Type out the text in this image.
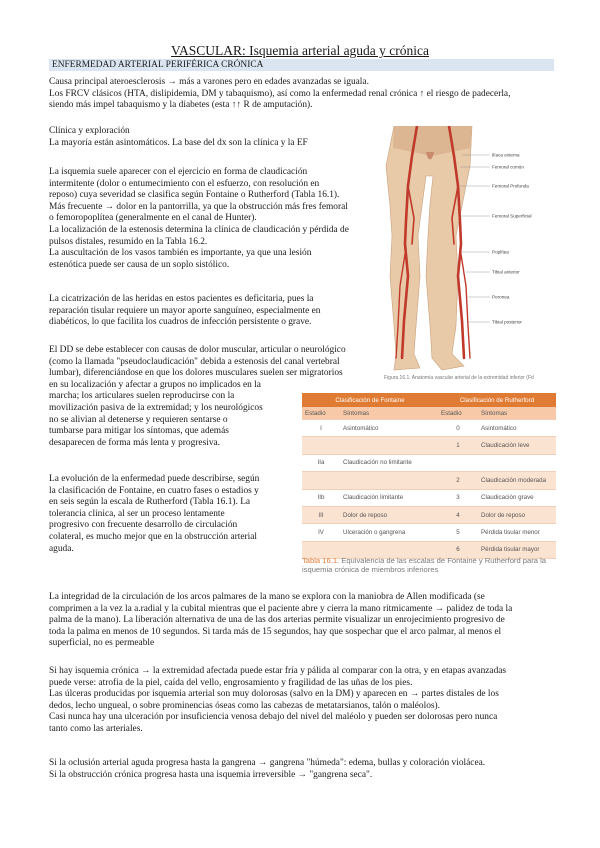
VASCULAR: Isquemia arterial aguda y crónica
ENFERMEDAD ARTERIAL PERIFÉRICA CRÓNICA
Causa principal ateroesclerosis → más a varones pero en edades avanzadas se iguala.
Los FRCV clásicos (HTA, dislipidemia, DM y tabaquismo), así como la enfermedad renal crónica ↑ el riesgo de padecerla,
siendo más impel tabaquismo y la diabetes (esta ↑↑ R de amputación).
Clínica y exploración
La mayoría están asintomáticos. La base del dx son la clínica y la EF
La isquemia suele aparecer con el ejercicio en forma de claudicación
intermitente (dolor o entumecimiento con el esfuerzo, con resolución en
reposo) cuya severidad se clasifica según Fontaine o Rutherford (Tabla 16.1).
Más frecuente → dolor en la pantorrilla, ya que la obstrucción más fres femoral
o femoropoplítea (generalmente en el canal de Hunter).
La localización de la estenosis determina la clínica de claudicación y pérdida de
pulsos distales, resumido en la Tabla 16.2.
La auscultación de los vasos también es importante, ya que una lesión
estenótica puede ser causa de un soplo sistólico.
La cicatrización de las heridas en estos pacientes es deficitaria, pues la
reparación tisular requiere un mayor aporte sanguíneo, especialmente en
diabéticos, lo que facilita los cuadros de infección persistente o grave.
El DD se debe establecer con causas de dolor muscular, articular o neurológico
(como la llamada "pseudoclaudicación" debida a estenosis del canal vertebral
lumbar), diferenciándose en que los dolores musculares suelen ser migratorios
en su localización y afectar a grupos no implicados en la
marcha; los articulares suelen reproducirse con la
movilización pasiva de la extremidad; y los neurológicos
no se alivian al detenerse y requieren sentarse o
tumbarse para mitigar los síntomas, que además
desaparecen de forma más lenta y progresiva.
La evolución de la enfermedad puede describirse, según
la clasificación de Fontaine, en cuatro fases o estadios y
en seis según la escala de Rutherford (Tabla 16.1). La
tolerancia clínica, al ser un proceso lentamente
progresivo con frecuente desarrollo de circulación
colateral, es mucho mejor que en la obstrucción arterial
aguda.
La integridad de la circulación de los arcos palmares de la mano se explora con la maniobra de Allen modificada (se
comprimen a la vez la a.radial y la cubital mientras que el paciente abre y cierra la mano rítmicamente → palidez de toda la
palma de la mano). La liberación alternativa de una de las dos arterias permite visualizar un enrojecimiento progresivo de
toda la palma en menos de 10 segundos. Si tarda más de 15 segundos, hay que sospechar que el arco palmar, al menos el
superficial, no es permeable
Si hay isquemia crónica → la extremidad afectada puede estar fría y pálida al comparar con la otra, y en etapas avanzadas
puede verse: atrofia de la piel, caída del vello, engrosamiento y fragilidad de las uñas de los pies.
Las úlceras producidas por isquemia arterial son muy dolorosas (salvo en la DM) y aparecen en → partes distales de los
dedos, lecho ungueal, o sobre prominencias óseas como las cabezas de metatarsianos, talón o maléolos).
Casi nunca hay una ulceración por insuficiencia venosa debajo del nivel del maléolo y pueden ser dolorosas pero nunca
tanto como las arteriales.
Si la oclusión arterial aguda progresa hasta la gangrena → gangrena "húmeda": edema, bullas y coloración violácea.
Si la obstrucción crónica progresa hasta una isquemia irreversible → "gangrena seca".
Ilíaca externa
Femoral común
Femoral Profunda
Femoral Superficial
Poplítea
Tibial anterior
Peronea
Tibial posterior
Figura 16.1. Anatomía vascular arterial de la extremidad inferior (Fd
Clasificación de Fontaine		Clasificación de Rutherford	
Estadio	Síntomas	Estadio	Síntomas
I	Asintomático	0	Asintomático
		1	Claudicación leve
IIa	Claudicación no limitante		
		2	Claudicación moderada
IIb	Claudicación limitante	3	Claudicación grave
III	Dolor de reposo	4	Dolor de reposo
IV	Ulceración o gangrena	5	Pérdida tisular menor
		6	Pérdida tisular mayor
Tabla 16.1. Equivalencia de las escalas de Fontaine y Rutherford para la isquemia crónica de miembros inferiores
